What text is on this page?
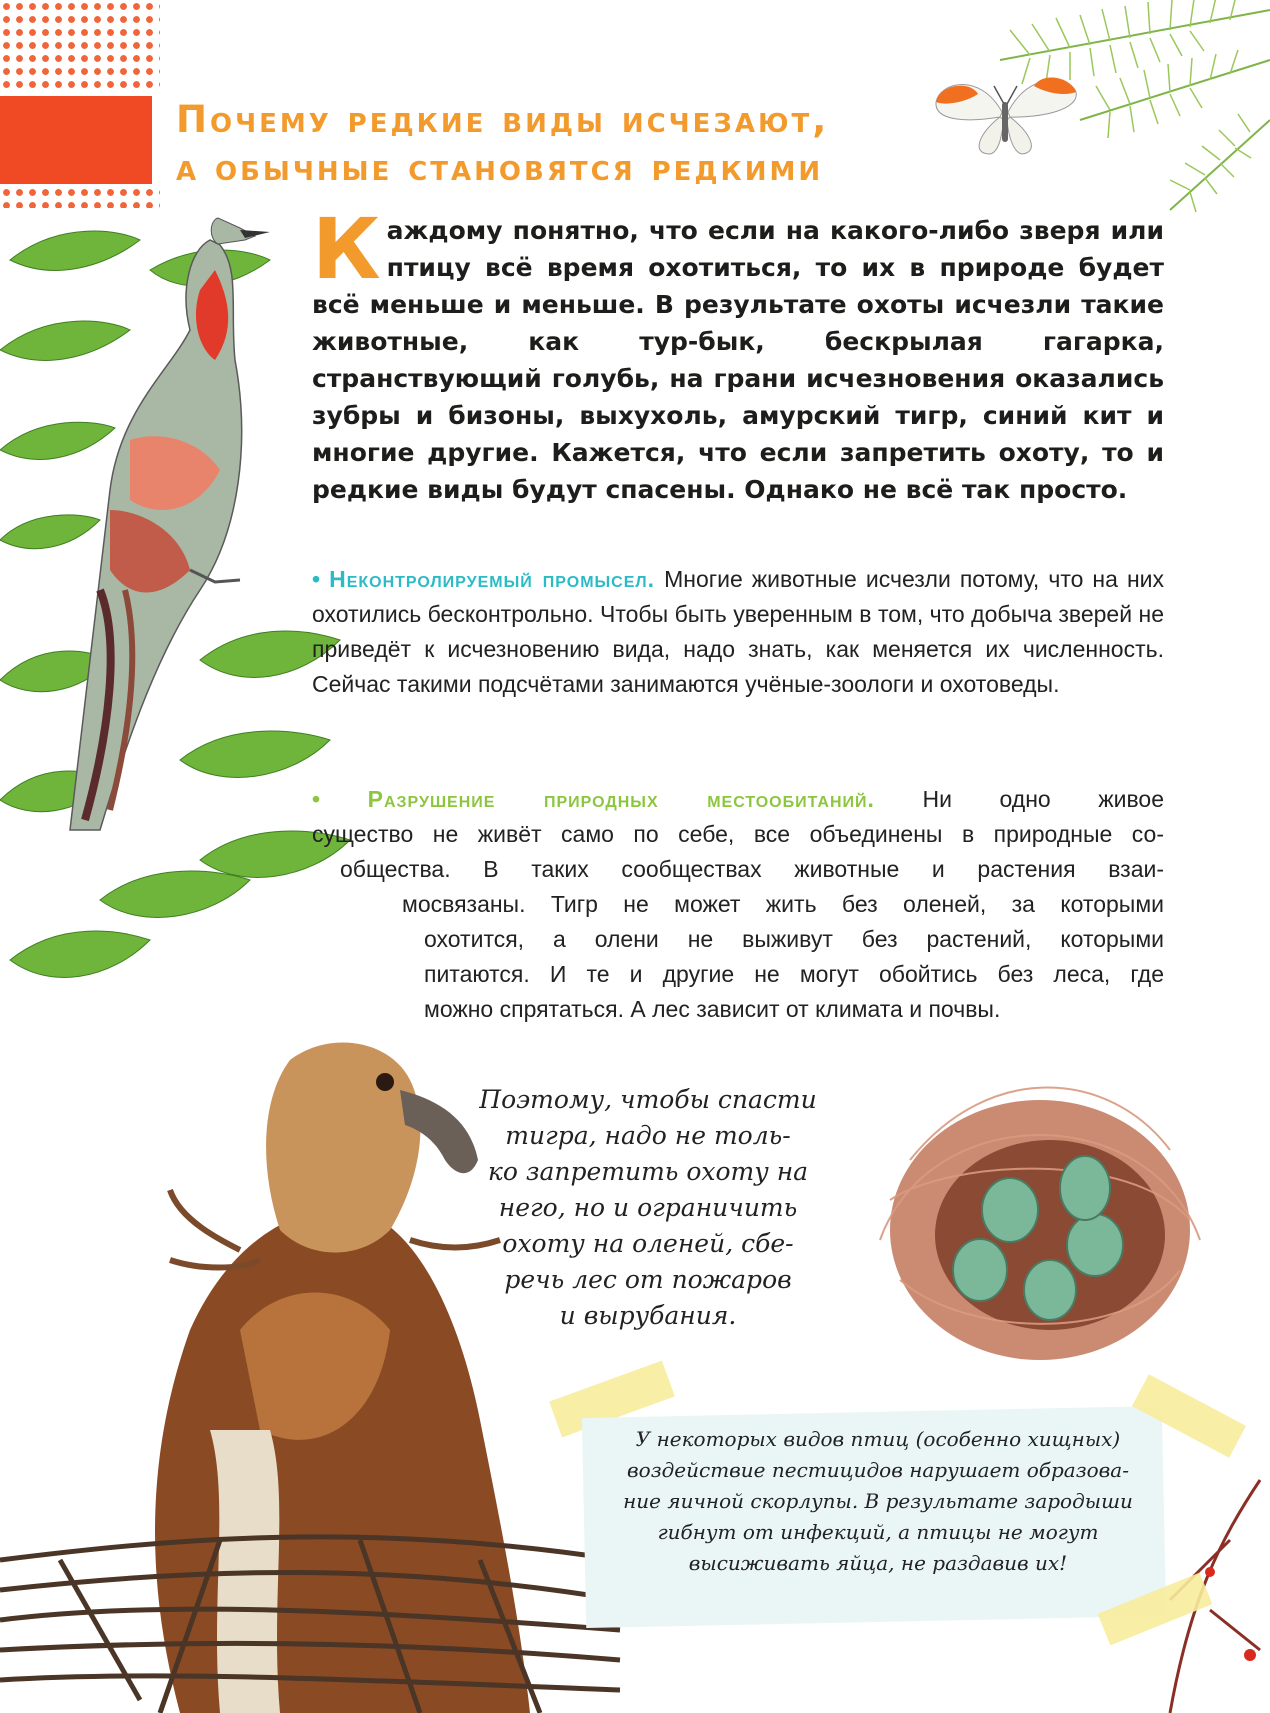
Почему редкие виды исчезают,
а обычные становятся редкими
Каждому понятно, что если на какого-либо зверя или птицу всё время охотиться, то их в природе будет всё меньше и меньше. В результате охоты исчезли такие животные, как тур-бык, бескрылая гагарка, странствующий голубь, на грани исчезновения оказались зубры и бизоны, выхухоль, амурский тигр, синий кит и многие другие. Кажется, что если запретить охоту, то и редкие виды будут спасены. Однако не всё так просто.
• Неконтролируемый промысел. Многие животные исчезли потому, что на них охотились бесконтрольно. Чтобы быть уверенным в том, что добыча зверей не приведёт к исчезновению вида, надо знать, как меняется их численность. Сейчас такими подсчётами занимаются учёные-зоологи и охотоведы.
• Разрушение природных местообитаний. Ни одно живое
существо не живёт само по себе, все объединены в природные со-
общества. В таких сообществах животные и растения взаи-
мосвязаны. Тигр не может жить без оленей, за которыми
охотится, а олени не выживут без растений, которыми
питаются. И те и другие не могут обойтись без леса, где
можно спрятаться. А лес зависит от климата и почвы.
Поэтому, чтобы спасти
тигра, надо не толь-
ко запретить охоту на
него, но и ограничить
охоту на оленей, сбе-
речь лес от пожаров
и вырубания.
У некоторых видов птиц (особенно хищных)
воздействие пестицидов нарушает образова-
ние яичной скорлупы. В результате зародыши
гибнут от инфекций, а птицы не могут
высиживать яйца, не раздавив их!
